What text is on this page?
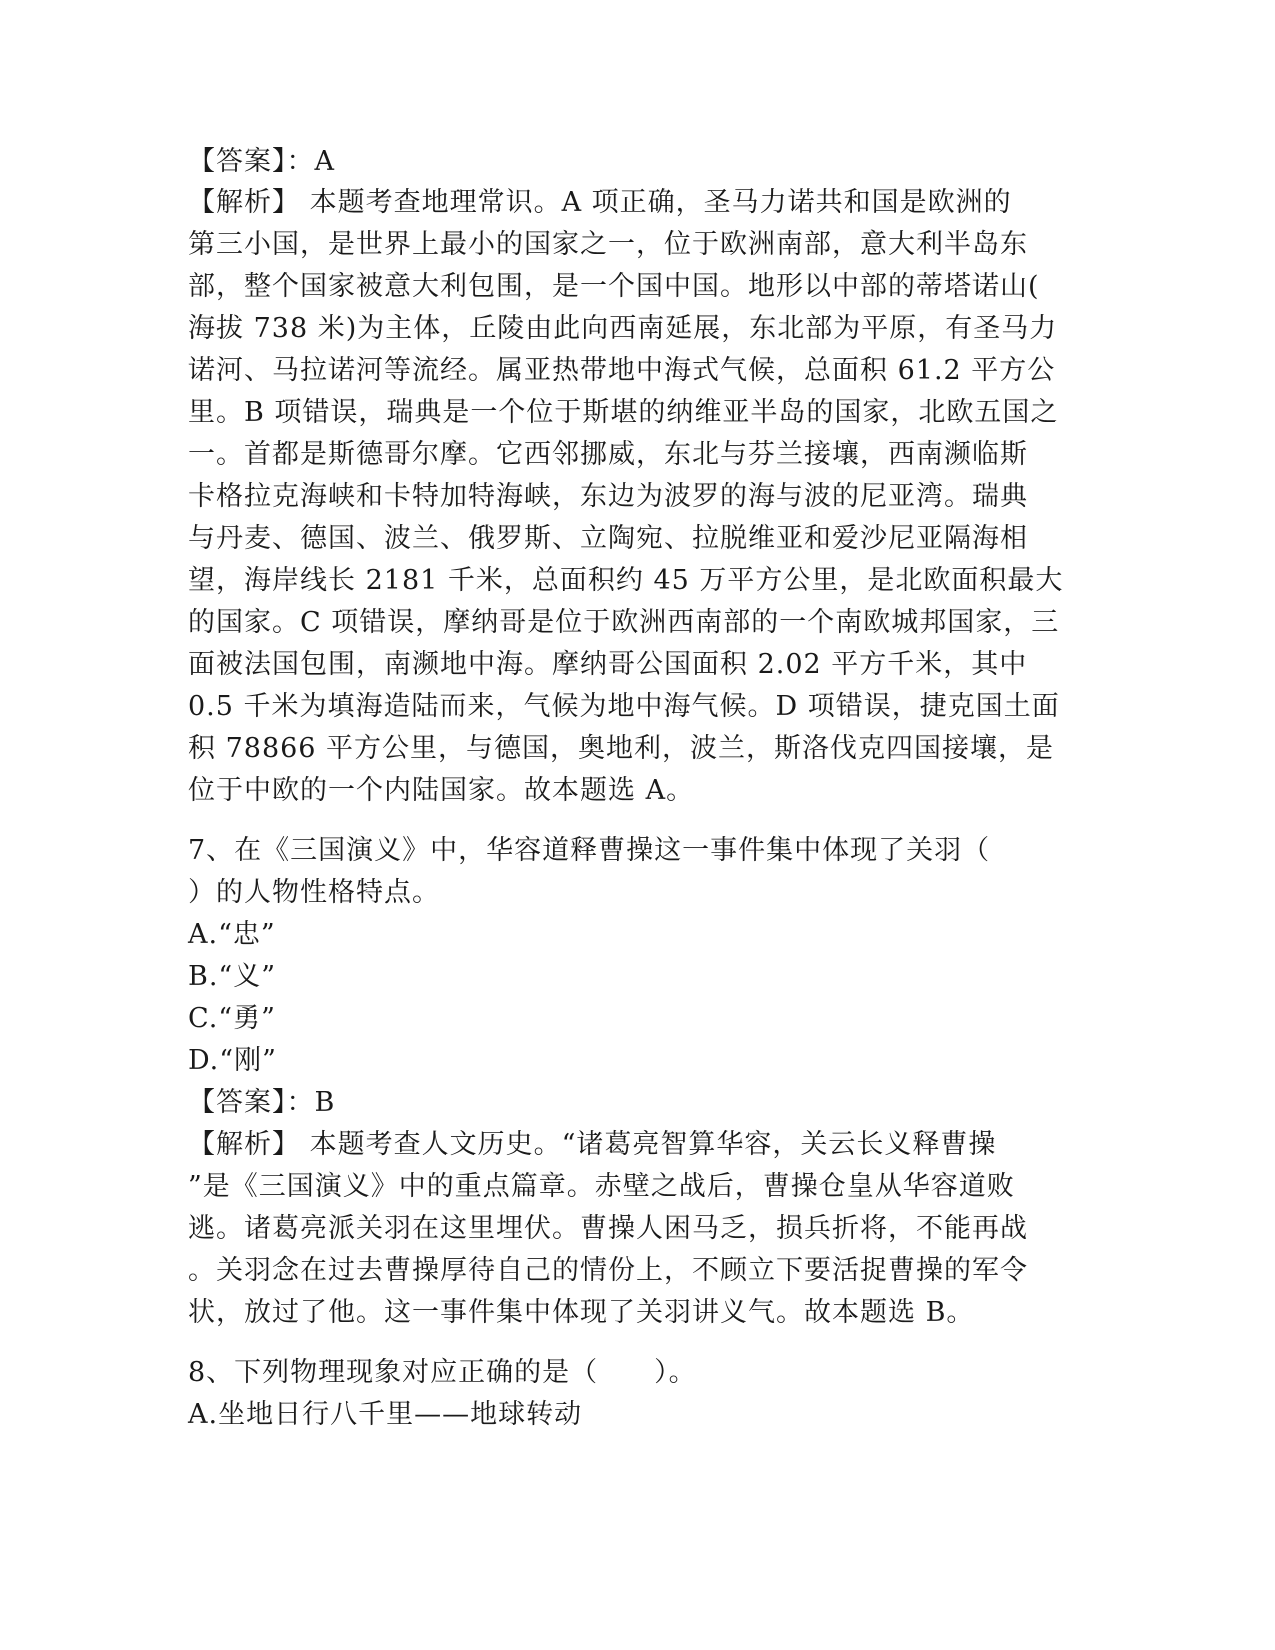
【答案】：A
【解析】 本题考查地理常识。A 项正确，圣马力诺共和国是欧洲的
第三小国，是世界上最小的国家之一，位于欧洲南部，意大利半岛东
部，整个国家被意大利包围，是一个国中国。地形以中部的蒂塔诺山(
海拔 738 米)为主体，丘陵由此向西南延展，东北部为平原，有圣马力
诺河、马拉诺河等流经。属亚热带地中海式气候，总面积 61.2 平方公
里。B 项错误，瑞典是一个位于斯堪的纳维亚半岛的国家，北欧五国之
一。首都是斯德哥尔摩。它西邻挪威，东北与芬兰接壤，西南濒临斯
卡格拉克海峡和卡特加特海峡，东边为波罗的海与波的尼亚湾。瑞典
与丹麦、德国、波兰、俄罗斯、立陶宛、拉脱维亚和爱沙尼亚隔海相
望，海岸线长 2181 千米，总面积约 45 万平方公里，是北欧面积最大
的国家。C 项错误，摩纳哥是位于欧洲西南部的一个南欧城邦国家，三
面被法国包围，南濒地中海。摩纳哥公国面积 2.02 平方千米，其中
0.5 千米为填海造陆而来，气候为地中海气候。D 项错误，捷克国土面
积 78866 平方公里，与德国，奥地利，波兰，斯洛伐克四国接壤，是
位于中欧的一个内陆国家。故本题选 A。
7、在《三国演义》中，华容道释曹操这一事件集中体现了关羽（
）的人物性格特点。
A.“忠”
B.“义”
C.“勇”
D.“刚”
【答案】：B
【解析】 本题考查人文历史。“诸葛亮智算华容，关云长义释曹操
”是《三国演义》中的重点篇章。赤壁之战后，曹操仓皇从华容道败
逃。诸葛亮派关羽在这里埋伏。曹操人困马乏，损兵折将，不能再战
。关羽念在过去曹操厚待自己的情份上，不顾立下要活捉曹操的军令
状，放过了他。这一事件集中体现了关羽讲义气。故本题选 B。
8、下列物理现象对应正确的是（　　）。
A.坐地日行八千里——地球转动
